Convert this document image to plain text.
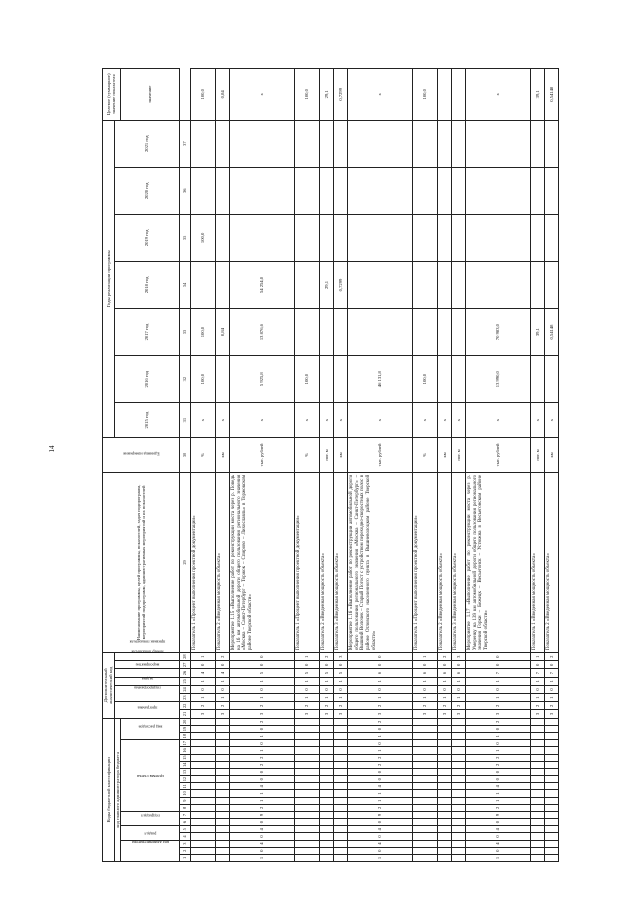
14
Коды бюджетной классификации																				Дополнительный аналитический код								Наименование программы, целей программы, показателей, задач подпрограмм, мероприятий подпрограмм, административных мероприятий и их показателей	Единица измерения	Годы реализации программы							Целевое (суммарное) значение показателя
код главного администратора бюджета																				программа		подпрограмма		задача	мероприятие	номер показателя	признак показателя			2015 год	2016 год	2017 год	2018 год	2019 год	2020 год	2021 год	
код администратора			раздел		подраздел		целевая статья										вид расходов																				значение
1	2	3	4	5	6	7	8	9	10	11	12	13	14	15	16	17	18	19	20	21	22	23	24	25	26	27	28	29	30	31	32	33	34	35	36	37	
																				3	2	1	0	1	4	0	1	Показатель 1 «Процент выполнения проектной документации»	%	х	100,0	100,0		100,0			100,0
																				3	2	1	0	1	4	0	2	Показатель 2 «Введенная мощность объекта»	км	х		0,84					0,84
1	0	4	0	4	0	9	2	1	1	4	0	0	2	2	1	0	1	0	2	3	2	1	0	1	5	0	0	Мероприятие 1.15 «Выполнение работ по реконструкции моста через р. Поведь на 16 км автомобильной дороги общего пользования регионального значения «Москва – Санкт-Петербург – Торжок – Спирово – Лихославль» в Торжокском районе Тверской области»	тыс. рублей	х	5 925,8	13 876,6	54 254,0				х
																				3	2	1	0	1	5	0	1	Показатель 1 «Процент выполнения проектной документации»	%	х	100,0						100,0
																				3	2	1	0	1	5	0	2	Показатель 2 «Введенная мощность объекта»	пог. м	х			29,1				29,1
																				3	2	1	0	1	5	0	3	Показатель 3 «Введенная мощность объекта»	км	х			0,7299				0,7299
1	0	4	0	4	0	9	2	1	1	4	0	0	2	2	1	0	1	0	2	3	2	1	0	1	6	0	0	Мероприятие 1.16 «Выполнение работ по реконструкции автомобильной дороги общего пользования регионального значения «Москва – Санкт-Петербург» – Вышний Волочек – Старый Погост с устройством переходно-скоростных полос в районе Огловского населенного пункта в Вышневолоцком районе Тверской области»	тыс. рублей	х	46 131,8						х
																				3	2	1	0	1	6	0	1	Показатель 1 «Процент выполнения проектной документации»	%	х	100,0						100,0
																				3	2	1	0	1	6	0	2	Показатель 2 «Введенная мощность объекта»	км	х							
																				3	2	1	0	1	6	0	3	Показатель 3 «Введенная мощность объекта»	пог. м	х							
1	0	4	0	4	0	9	2	1	1	4	0	0	2	2	1	0	1	0	2	3	2	1	0	1	7	0	0	Мероприятие 1.17 «Выполнение работ по реконструкции моста через р. Умеренку на 139 км автомобильной дороги общего пользования регионального значения Горки – Бежецк – Весьегонск – Устюжна в Весьегонском районе Тверской области»	тыс. рублей	х	13 990,0	70 983,0					х
																				3	2	1	0	1	7	0	1	Показатель 1 «Введенная мощность объекта»	пог. м	х		39,1					39,1
																				3	2	1	0	1	7	0	2	Показатель 2 «Введенная мощность объекта»	км	х		0,54148					0,54148
